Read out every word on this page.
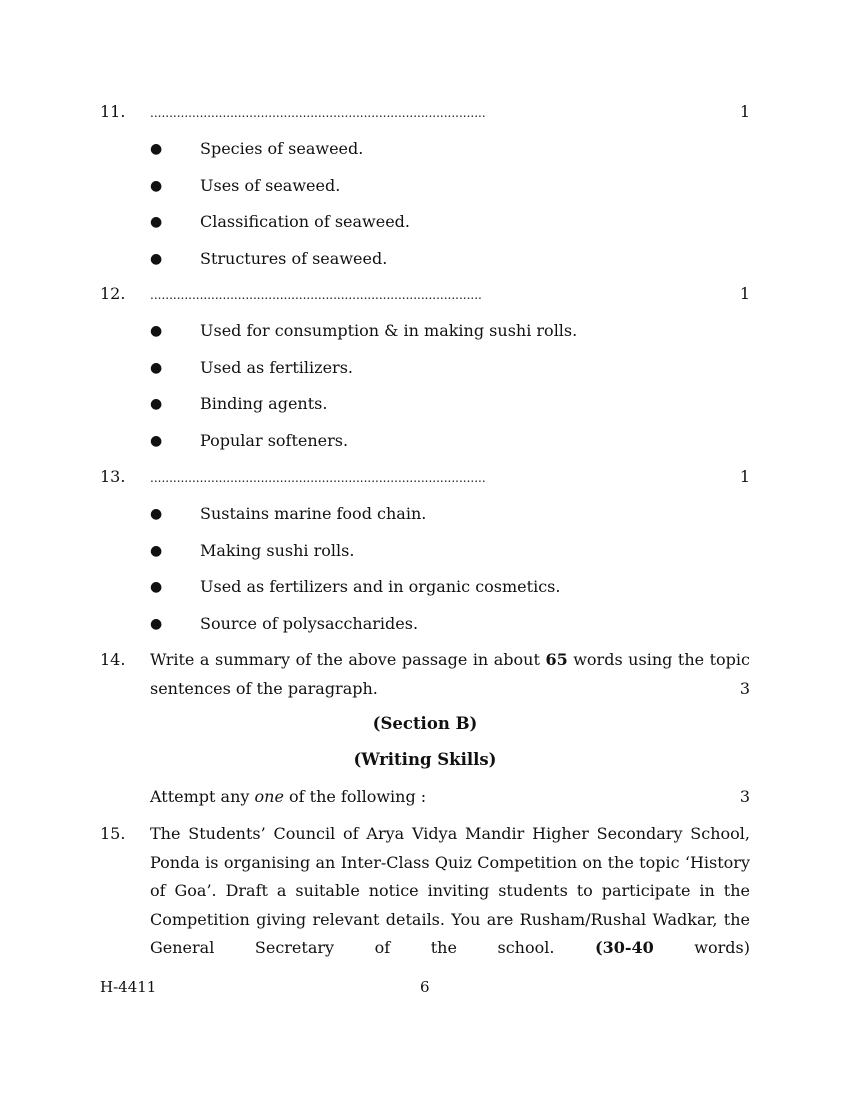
11.	........................................................................................	1
●	Species of seaweed.
●	Uses of seaweed.
●	Classification of seaweed.
●	Structures of seaweed.
12.	.......................................................................................	1
●	Used for consumption & in making sushi rolls.
●	Used as fertilizers.
●	Binding agents.
●	Popular softeners.
13.	........................................................................................	1
●	Sustains marine food chain.
●	Making sushi rolls.
●	Used as fertilizers and in organic cosmetics.
●	Source of polysaccharides.
14.	Write a summary of the above passage in about 65 words using the topic sentences of the paragraph.	3
(Section B)
(Writing Skills)
Attempt any one of the following :	3
15.	The Students’ Council of Arya Vidya Mandir Higher Secondary School, Ponda is organising an Inter-Class Quiz Competition on the topic ‘History of Goa’. Draft a suitable notice inviting students to participate in the Competition giving relevant details. You are Rusham/Rushal Wadkar, the General Secretary of the school.	(30-40 words)
H-4411	6
